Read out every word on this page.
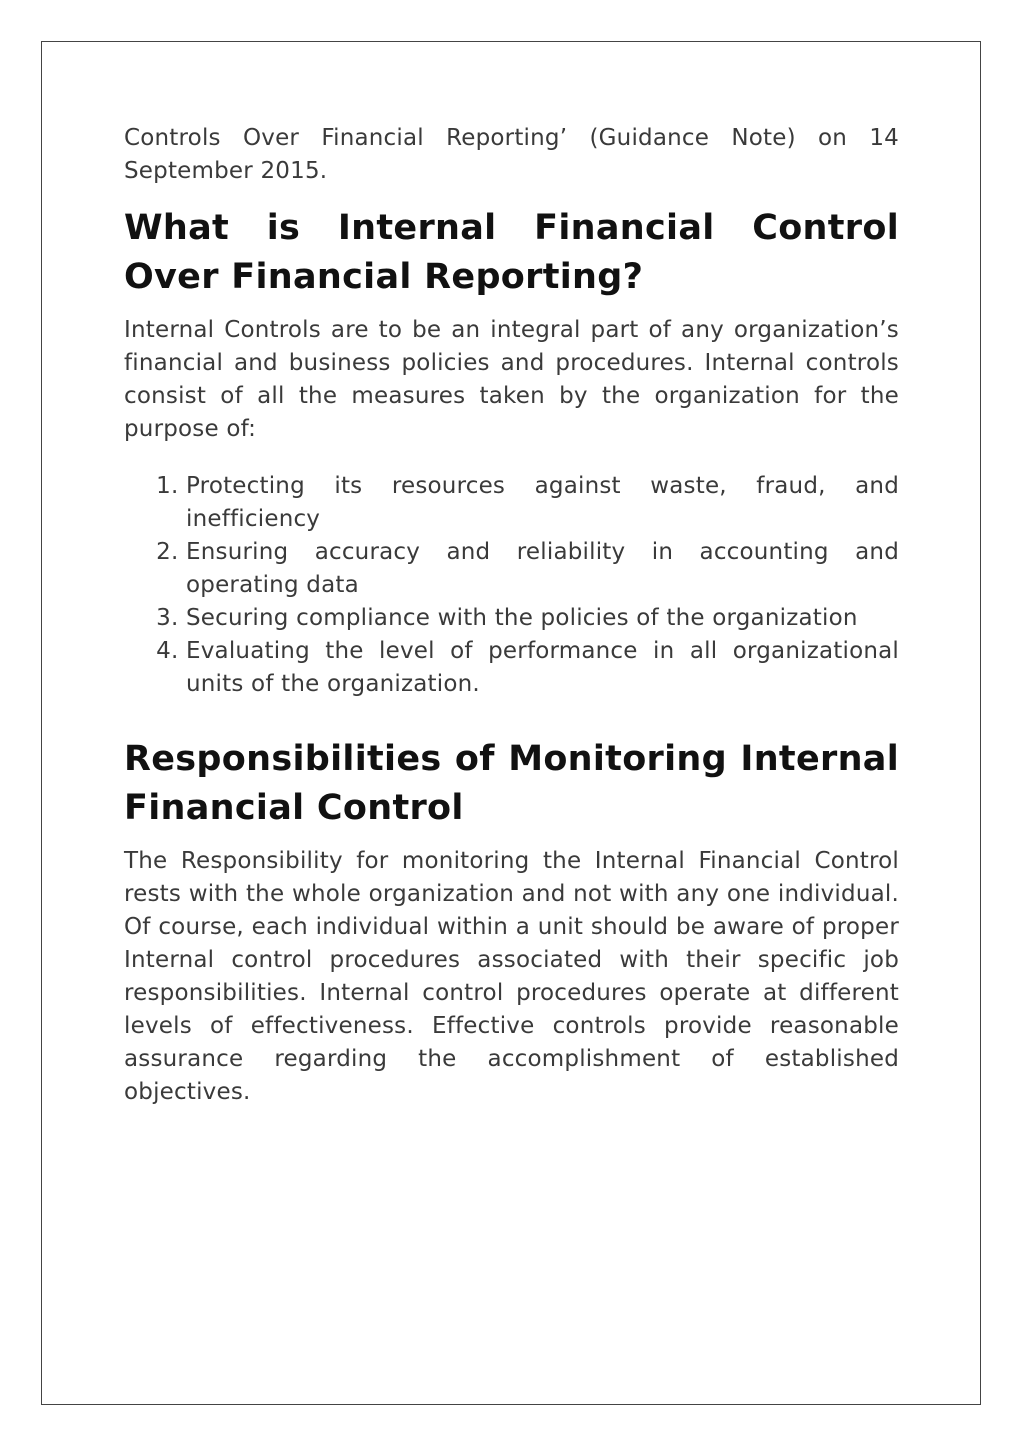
Controls Over Financial Reporting’ (Guidance Note) on 14 September 2015.

What is Internal Financial Control Over Financial Reporting?

Internal Controls are to be an integral part of any organization’s financial and business policies and procedures. Internal controls consist of all the measures taken by the organization for the purpose of:

1. Protecting its resources against waste, fraud, and inefficiency
2. Ensuring accuracy and reliability in accounting and operating data
3. Securing compliance with the policies of the organization
4. Evaluating the level of performance in all organizational units of the organization.
Responsibilities of Monitoring Internal Financial Control

The Responsibility for monitoring the Internal Financial Control rests with the whole organization and not with any one individual. Of course, each individual within a unit should be aware of proper Internal control procedures associated with their specific job responsibilities. Internal control procedures operate at different levels of effectiveness. Effective controls provide reasonable assurance regarding the accomplishment of established objectives.
